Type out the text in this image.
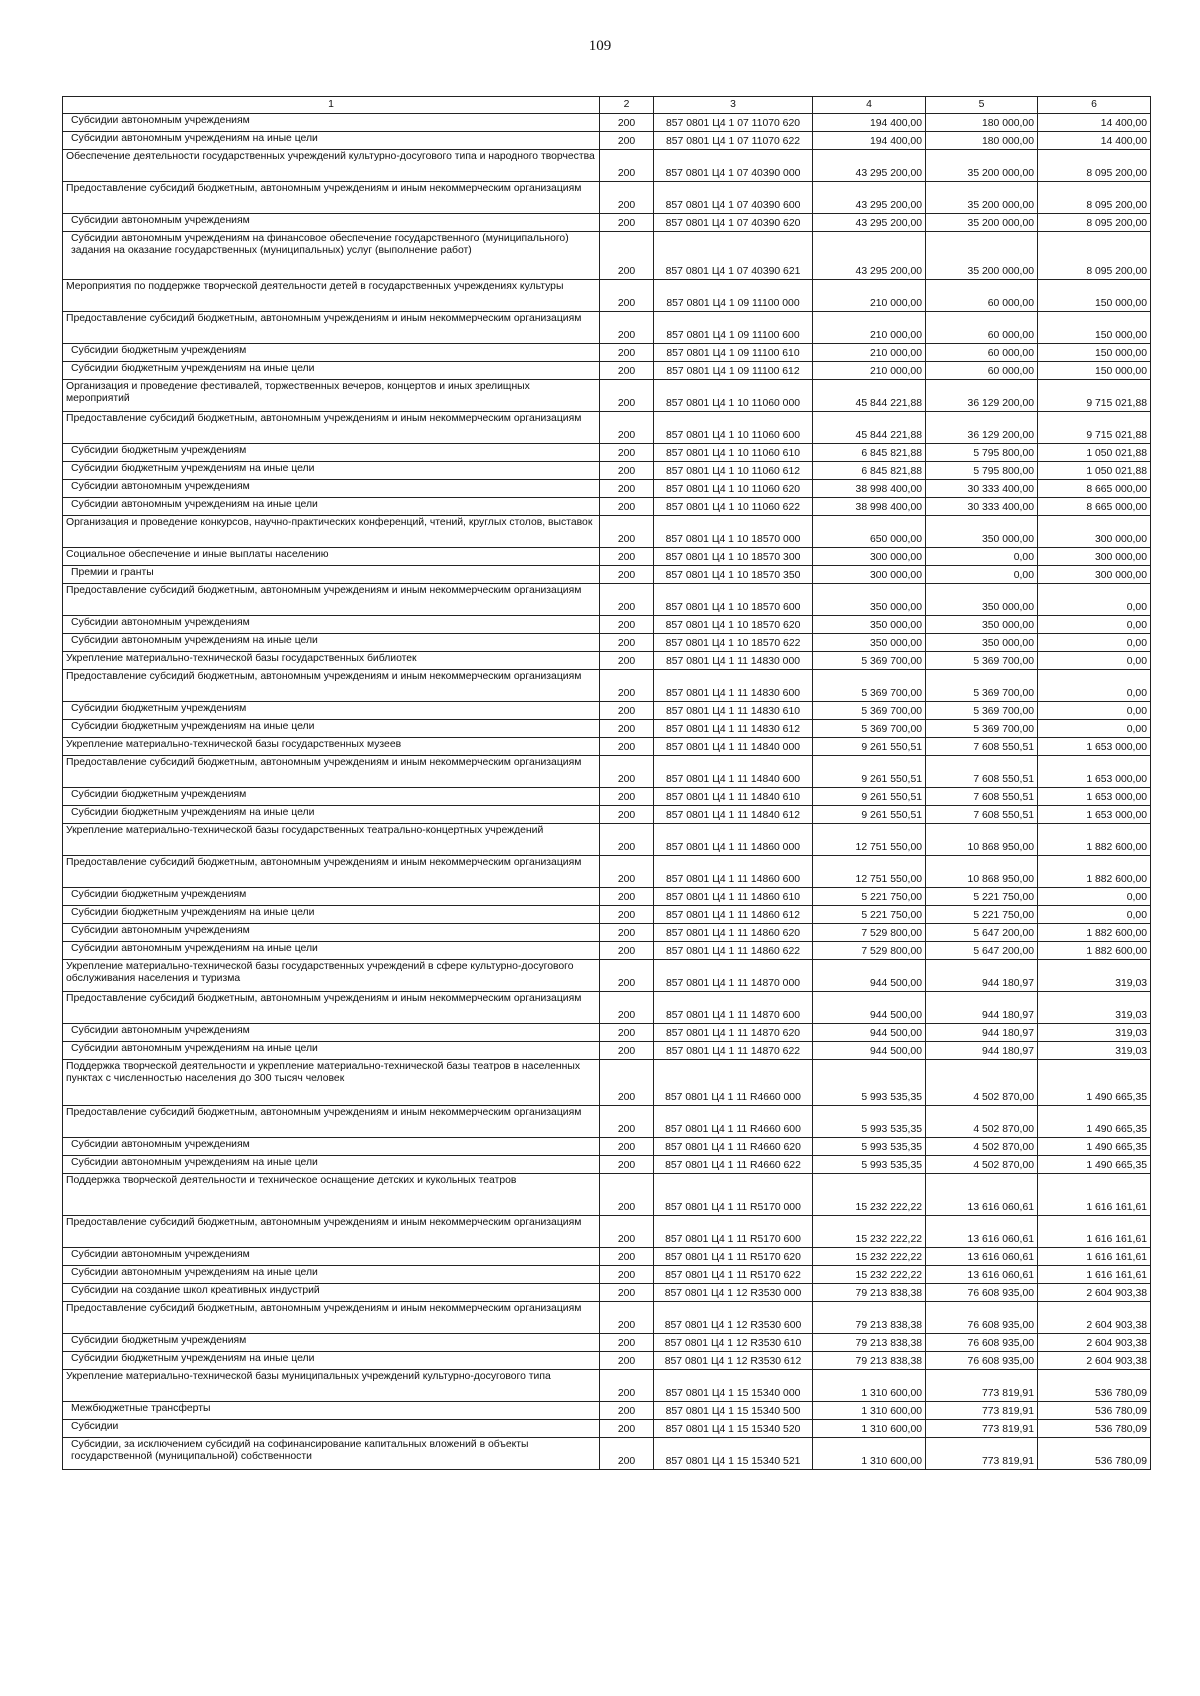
109
1	2	3	4	5	6
Субсидии автономным учреждениям	200	857 0801 Ц4 1 07 11070 620	194 400,00	180 000,00	14 400,00
Субсидии автономным учреждениям на иные цели	200	857 0801 Ц4 1 07 11070 622	194 400,00	180 000,00	14 400,00
Обеспечение деятельности государственных учреждений культурно-досугового типа и народного творчества	200	857 0801 Ц4 1 07 40390 000	43 295 200,00	35 200 000,00	8 095 200,00
Предоставление субсидий бюджетным, автономным учреждениям и иным некоммерческим организациям	200	857 0801 Ц4 1 07 40390 600	43 295 200,00	35 200 000,00	8 095 200,00
Субсидии автономным учреждениям	200	857 0801 Ц4 1 07 40390 620	43 295 200,00	35 200 000,00	8 095 200,00
Субсидии автономным учреждениям на финансовое обеспечение государственного (муниципального) задания на оказание государственных (муниципальных) услуг (выполнение работ)	200	857 0801 Ц4 1 07 40390 621	43 295 200,00	35 200 000,00	8 095 200,00
Мероприятия по поддержке творческой деятельности детей в государственных учреждениях культуры	200	857 0801 Ц4 1 09 11100 000	210 000,00	60 000,00	150 000,00
Предоставление субсидий бюджетным, автономным учреждениям и иным некоммерческим организациям	200	857 0801 Ц4 1 09 11100 600	210 000,00	60 000,00	150 000,00
Субсидии бюджетным учреждениям	200	857 0801 Ц4 1 09 11100 610	210 000,00	60 000,00	150 000,00
Субсидии бюджетным учреждениям на иные цели	200	857 0801 Ц4 1 09 11100 612	210 000,00	60 000,00	150 000,00
Организация и проведение фестивалей, торжественных вечеров, концертов и иных зрелищных мероприятий	200	857 0801 Ц4 1 10 11060 000	45 844 221,88	36 129 200,00	9 715 021,88
Предоставление субсидий бюджетным, автономным учреждениям и иным некоммерческим организациям	200	857 0801 Ц4 1 10 11060 600	45 844 221,88	36 129 200,00	9 715 021,88
Субсидии бюджетным учреждениям	200	857 0801 Ц4 1 10 11060 610	6 845 821,88	5 795 800,00	1 050 021,88
Субсидии бюджетным учреждениям на иные цели	200	857 0801 Ц4 1 10 11060 612	6 845 821,88	5 795 800,00	1 050 021,88
Субсидии автономным учреждениям	200	857 0801 Ц4 1 10 11060 620	38 998 400,00	30 333 400,00	8 665 000,00
Субсидии автономным учреждениям на иные цели	200	857 0801 Ц4 1 10 11060 622	38 998 400,00	30 333 400,00	8 665 000,00
Организация и проведение конкурсов, научно-практических конференций, чтений, круглых столов, выставок	200	857 0801 Ц4 1 10 18570 000	650 000,00	350 000,00	300 000,00
Социальное обеспечение и иные выплаты населению	200	857 0801 Ц4 1 10 18570 300	300 000,00	0,00	300 000,00
Премии и гранты	200	857 0801 Ц4 1 10 18570 350	300 000,00	0,00	300 000,00
Предоставление субсидий бюджетным, автономным учреждениям и иным некоммерческим организациям	200	857 0801 Ц4 1 10 18570 600	350 000,00	350 000,00	0,00
Субсидии автономным учреждениям	200	857 0801 Ц4 1 10 18570 620	350 000,00	350 000,00	0,00
Субсидии автономным учреждениям на иные цели	200	857 0801 Ц4 1 10 18570 622	350 000,00	350 000,00	0,00
Укрепление материально-технической базы государственных библиотек	200	857 0801 Ц4 1 11 14830 000	5 369 700,00	5 369 700,00	0,00
Предоставление субсидий бюджетным, автономным учреждениям и иным некоммерческим организациям	200	857 0801 Ц4 1 11 14830 600	5 369 700,00	5 369 700,00	0,00
Субсидии бюджетным учреждениям	200	857 0801 Ц4 1 11 14830 610	5 369 700,00	5 369 700,00	0,00
Субсидии бюджетным учреждениям на иные цели	200	857 0801 Ц4 1 11 14830 612	5 369 700,00	5 369 700,00	0,00
Укрепление материально-технической базы государственных музеев	200	857 0801 Ц4 1 11 14840 000	9 261 550,51	7 608 550,51	1 653 000,00
Предоставление субсидий бюджетным, автономным учреждениям и иным некоммерческим организациям	200	857 0801 Ц4 1 11 14840 600	9 261 550,51	7 608 550,51	1 653 000,00
Субсидии бюджетным учреждениям	200	857 0801 Ц4 1 11 14840 610	9 261 550,51	7 608 550,51	1 653 000,00
Субсидии бюджетным учреждениям на иные цели	200	857 0801 Ц4 1 11 14840 612	9 261 550,51	7 608 550,51	1 653 000,00
Укрепление материально-технической базы государственных театрально-концертных учреждений	200	857 0801 Ц4 1 11 14860 000	12 751 550,00	10 868 950,00	1 882 600,00
Предоставление субсидий бюджетным, автономным учреждениям и иным некоммерческим организациям	200	857 0801 Ц4 1 11 14860 600	12 751 550,00	10 868 950,00	1 882 600,00
Субсидии бюджетным учреждениям	200	857 0801 Ц4 1 11 14860 610	5 221 750,00	5 221 750,00	0,00
Субсидии бюджетным учреждениям на иные цели	200	857 0801 Ц4 1 11 14860 612	5 221 750,00	5 221 750,00	0,00
Субсидии автономным учреждениям	200	857 0801 Ц4 1 11 14860 620	7 529 800,00	5 647 200,00	1 882 600,00
Субсидии автономным учреждениям на иные цели	200	857 0801 Ц4 1 11 14860 622	7 529 800,00	5 647 200,00	1 882 600,00
Укрепление материально-технической базы государственных учреждений в сфере культурно-досугового обслуживания населения и туризма	200	857 0801 Ц4 1 11 14870 000	944 500,00	944 180,97	319,03
Предоставление субсидий бюджетным, автономным учреждениям и иным некоммерческим организациям	200	857 0801 Ц4 1 11 14870 600	944 500,00	944 180,97	319,03
Субсидии автономным учреждениям	200	857 0801 Ц4 1 11 14870 620	944 500,00	944 180,97	319,03
Субсидии автономным учреждениям на иные цели	200	857 0801 Ц4 1 11 14870 622	944 500,00	944 180,97	319,03
Поддержка творческой деятельности и укрепление материально-технической базы театров в населенных пунктах с численностью населения до 300 тысяч человек	200	857 0801 Ц4 1 11 R4660 000	5 993 535,35	4 502 870,00	1 490 665,35
Предоставление субсидий бюджетным, автономным учреждениям и иным некоммерческим организациям	200	857 0801 Ц4 1 11 R4660 600	5 993 535,35	4 502 870,00	1 490 665,35
Субсидии автономным учреждениям	200	857 0801 Ц4 1 11 R4660 620	5 993 535,35	4 502 870,00	1 490 665,35
Субсидии автономным учреждениям на иные цели	200	857 0801 Ц4 1 11 R4660 622	5 993 535,35	4 502 870,00	1 490 665,35
Поддержка творческой деятельности и техническое оснащение детских и кукольных театров	200	857 0801 Ц4 1 11 R5170 000	15 232 222,22	13 616 060,61	1 616 161,61
Предоставление субсидий бюджетным, автономным учреждениям и иным некоммерческим организациям	200	857 0801 Ц4 1 11 R5170 600	15 232 222,22	13 616 060,61	1 616 161,61
Субсидии автономным учреждениям	200	857 0801 Ц4 1 11 R5170 620	15 232 222,22	13 616 060,61	1 616 161,61
Субсидии автономным учреждениям на иные цели	200	857 0801 Ц4 1 11 R5170 622	15 232 222,22	13 616 060,61	1 616 161,61
Субсидии на создание школ креативных индустрий	200	857 0801 Ц4 1 12 R3530 000	79 213 838,38	76 608 935,00	2 604 903,38
Предоставление субсидий бюджетным, автономным учреждениям и иным некоммерческим организациям	200	857 0801 Ц4 1 12 R3530 600	79 213 838,38	76 608 935,00	2 604 903,38
Субсидии бюджетным учреждениям	200	857 0801 Ц4 1 12 R3530 610	79 213 838,38	76 608 935,00	2 604 903,38
Субсидии бюджетным учреждениям на иные цели	200	857 0801 Ц4 1 12 R3530 612	79 213 838,38	76 608 935,00	2 604 903,38
Укрепление материально-технической базы муниципальных учреждений культурно-досугового типа	200	857 0801 Ц4 1 15 15340 000	1 310 600,00	773 819,91	536 780,09
Межбюджетные трансферты	200	857 0801 Ц4 1 15 15340 500	1 310 600,00	773 819,91	536 780,09
Субсидии	200	857 0801 Ц4 1 15 15340 520	1 310 600,00	773 819,91	536 780,09
Субсидии, за исключением субсидий на софинансирование капитальных вложений в объекты государственной (муниципальной) собственности	200	857 0801 Ц4 1 15 15340 521	1 310 600,00	773 819,91	536 780,09
